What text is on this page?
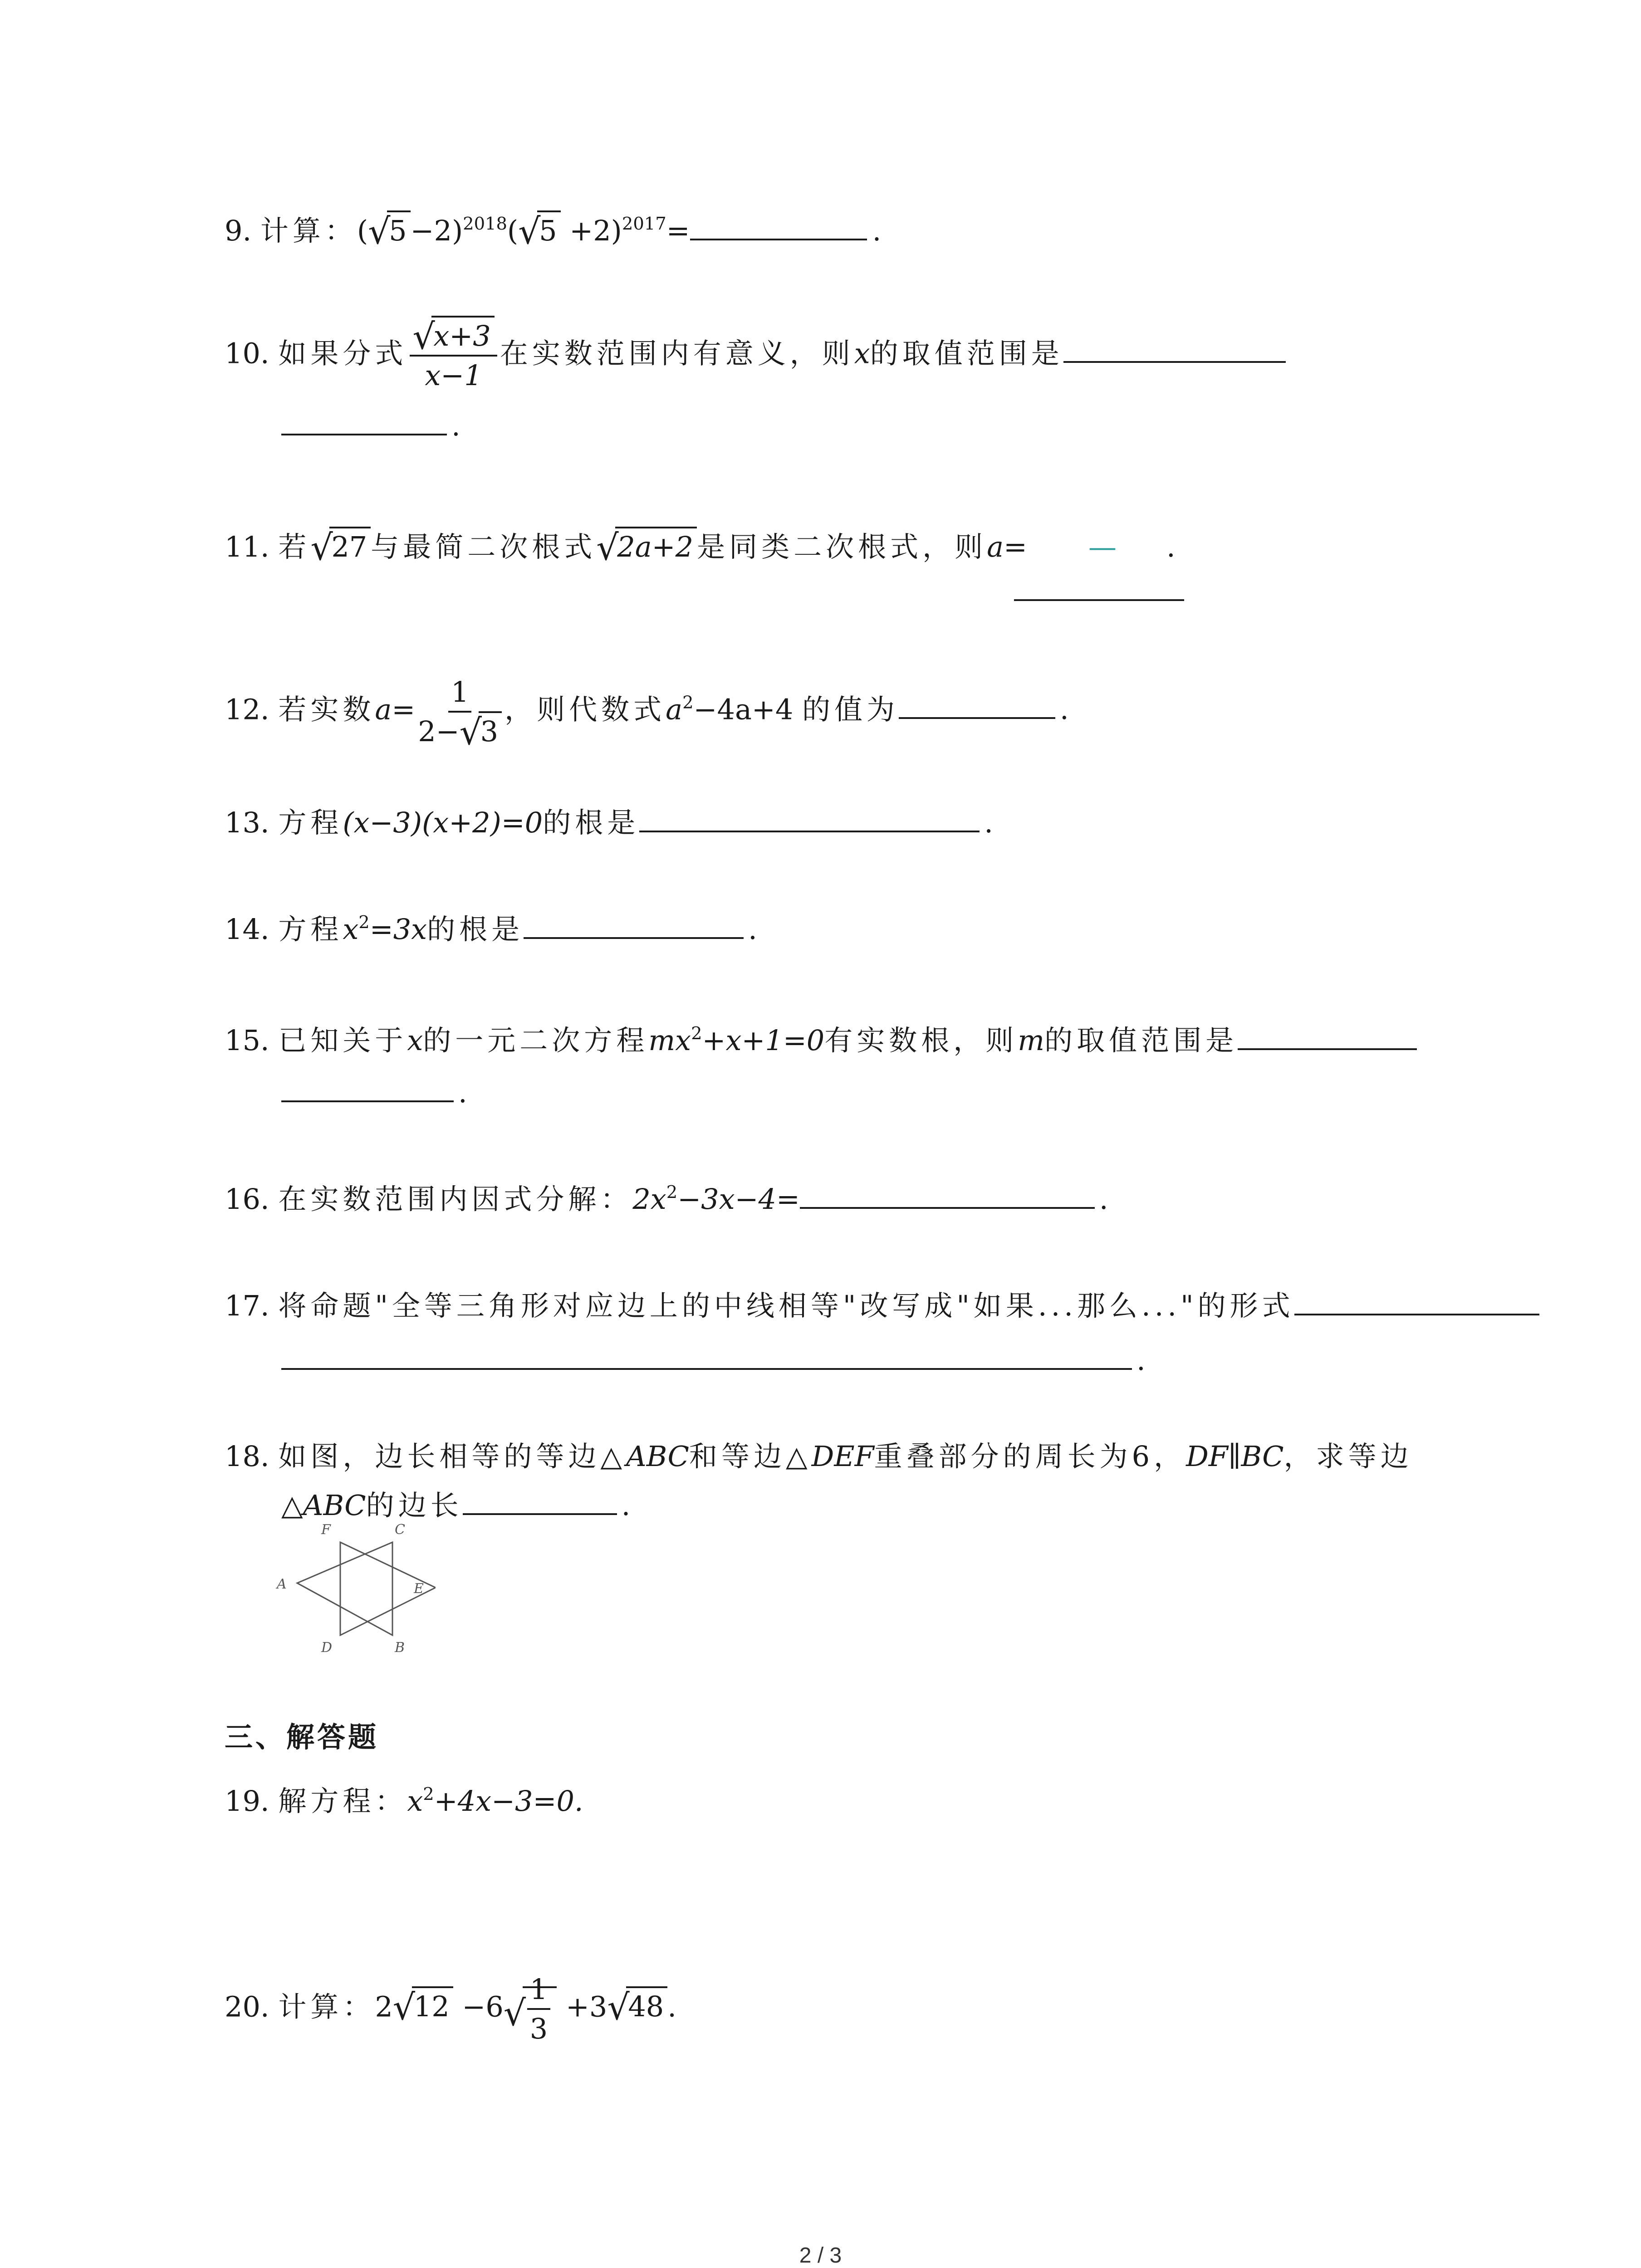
9. 计算：( √
5 −2)$^{2018}$( √
5 +2)$^{2017}$=	.
10. 如果分式 √
x+3
x−1 在实数范围内有意义，则x的取值范围是
.
11. 若 √
27 与最简二次根式 √
2a+2 是同类二次根式，则a= — .
12. 若实数a= 1
2− √
3 ，则代数式$a^2-4a+4$ 的值为	.
13. 方程(x−3)(x+2)=0的根是	.
14. 方程$x^2=3x$的根是	.
15. 已知关于x的一元二次方程$mx^2+x+1=0$有实数根，则m的取值范围是
.
16. 在实数范围内因式分解：$2x^2-3x-4=$	.
17. 将命题"全等三角形对应边上的中线相等"改写成"如果...那么..."的形式
.
18. 如图，边长相等的等边△ABC和等边△DEF重叠部分的周长为6，DF∥BC，求等边
△ABC的边长	.
F	C
A	E
D	B
三、解答题
19. 解方程：$x^2+4x-3=0$.
20. 计算：2 √
12 −6 √ $\frac{1}{3} +3$ √
48 .
2 / 3
